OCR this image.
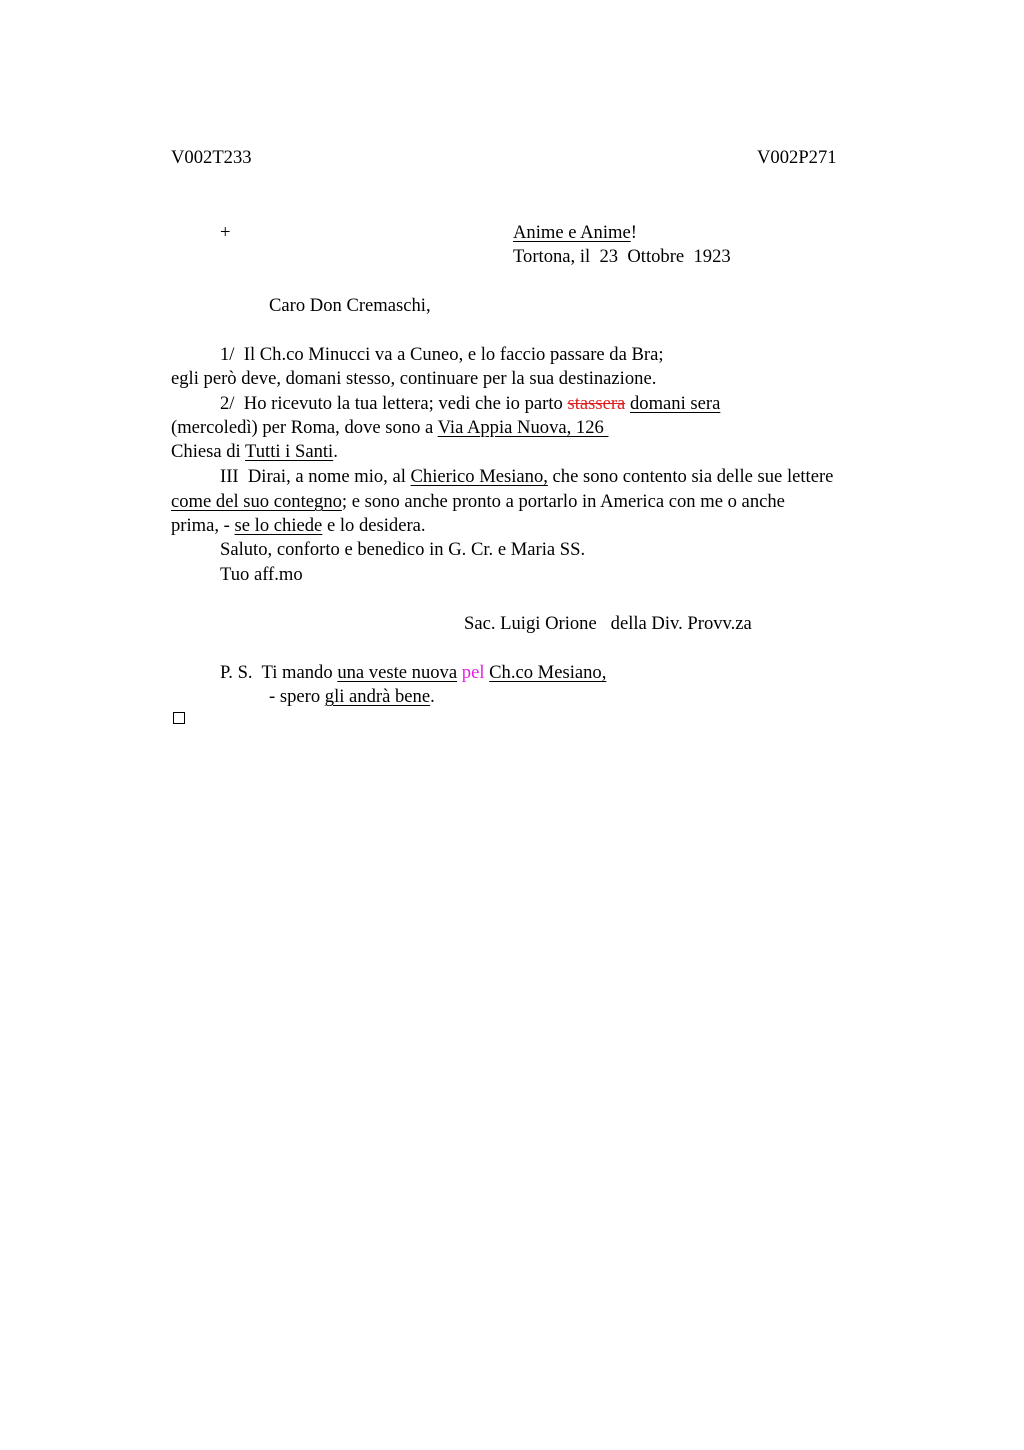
V002T233	V002P271
+	Anime e Anime!
Tortona, il  23  Ottobre  1923
Caro Don Cremaschi,
1/  Il Ch.co Minucci va a Cuneo, e lo faccio passare da Bra;
egli però deve, domani stesso, continuare per la sua destinazione.
2/  Ho ricevuto la tua lettera; vedi che io parto stassera domani sera
(mercoledì) per Roma, dove sono a Via Appia Nuova, 126
Chiesa di Tutti i Santi.
III  Dirai, a nome mio, al Chierico Mesiano, che sono contento sia delle sue lettere
come del suo contegno; e sono anche pronto a portarlo in America con me o anche
prima, - se lo chiede e lo desidera.
Saluto, conforto e benedico in G. Cr. e Maria SS.
Tuo aff.mo
Sac. Luigi Orione   della Div. Provv.za
P. S.  Ti mando una veste nuova pel Ch.co Mesiano,
- spero gli andrà bene.
